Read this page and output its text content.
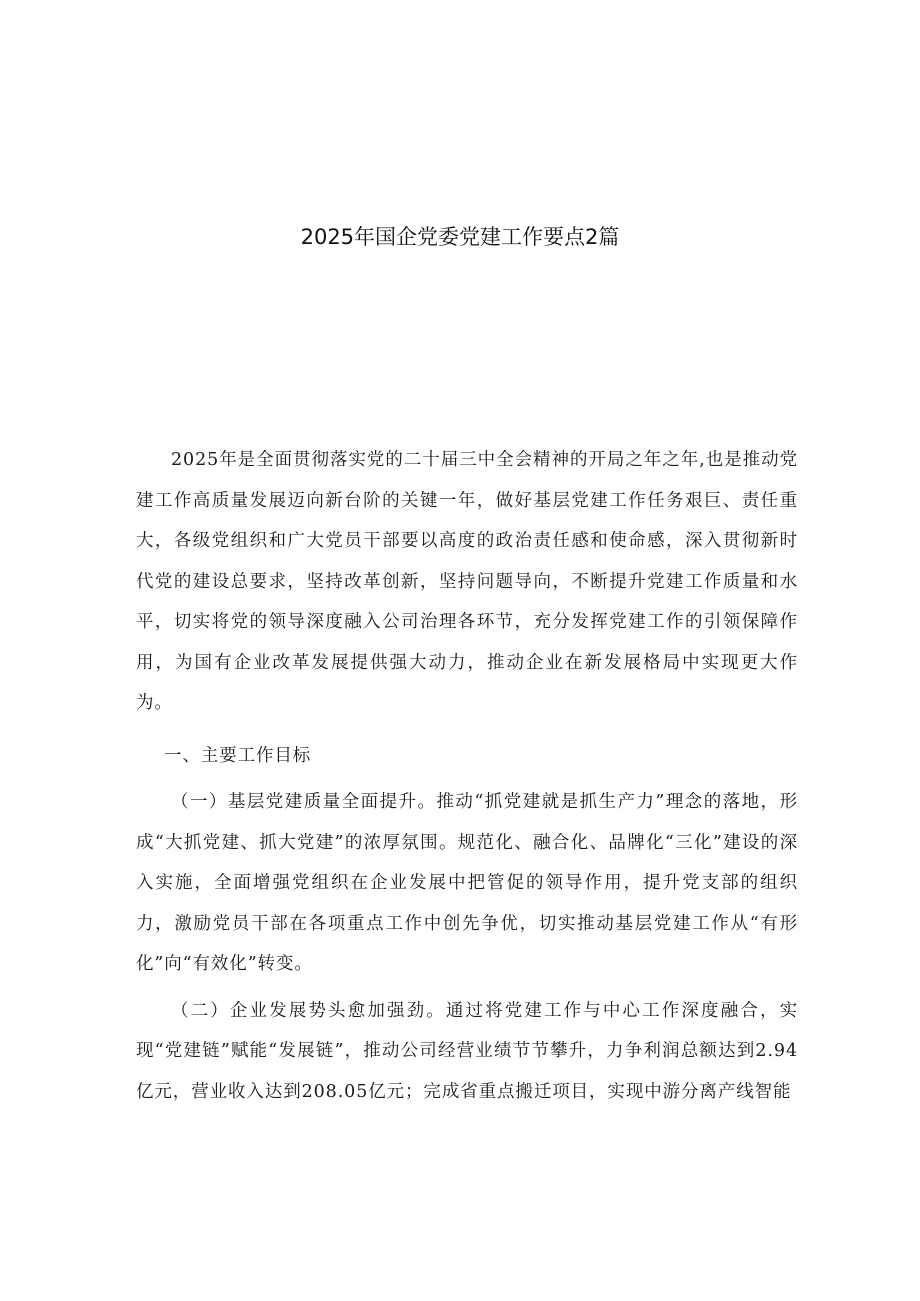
2025年国企党委党建工作要点2篇

2025年是全面贯彻落实党的二十届三中全会精神的开局之年之年,也是推动党建工作高质量发展迈向新台阶的关键一年，做好基层党建工作任务艰巨、责任重大，各级党组织和广大党员干部要以高度的政治责任感和使命感，深入贯彻新时代党的建设总要求，坚持改革创新，坚持问题导向，不断提升党建工作质量和水平，切实将党的领导深度融入公司治理各环节，充分发挥党建工作的引领保障作用，为国有企业改革发展提供强大动力，推动企业在新发展格局中实现更大作为。

一、主要工作目标

（一）基层党建质量全面提升。推动“抓党建就是抓生产力”理念的落地，形成“大抓党建、抓大党建”的浓厚氛围。规范化、融合化、品牌化“三化”建设的深入实施，全面增强党组织在企业发展中把管促的领导作用，提升党支部的组织力，激励党员干部在各项重点工作中创先争优，切实推动基层党建工作从“有形化”向“有效化”转变。

（二）企业发展势头愈加强劲。通过将党建工作与中心工作深度融合，实现“党建链”赋能“发展链”，推动公司经营业绩节节攀升，力争利润总额达到2.94亿元，营业收入达到208.05亿元；完成省重点搬迁项目，实现中游分离产线智能
